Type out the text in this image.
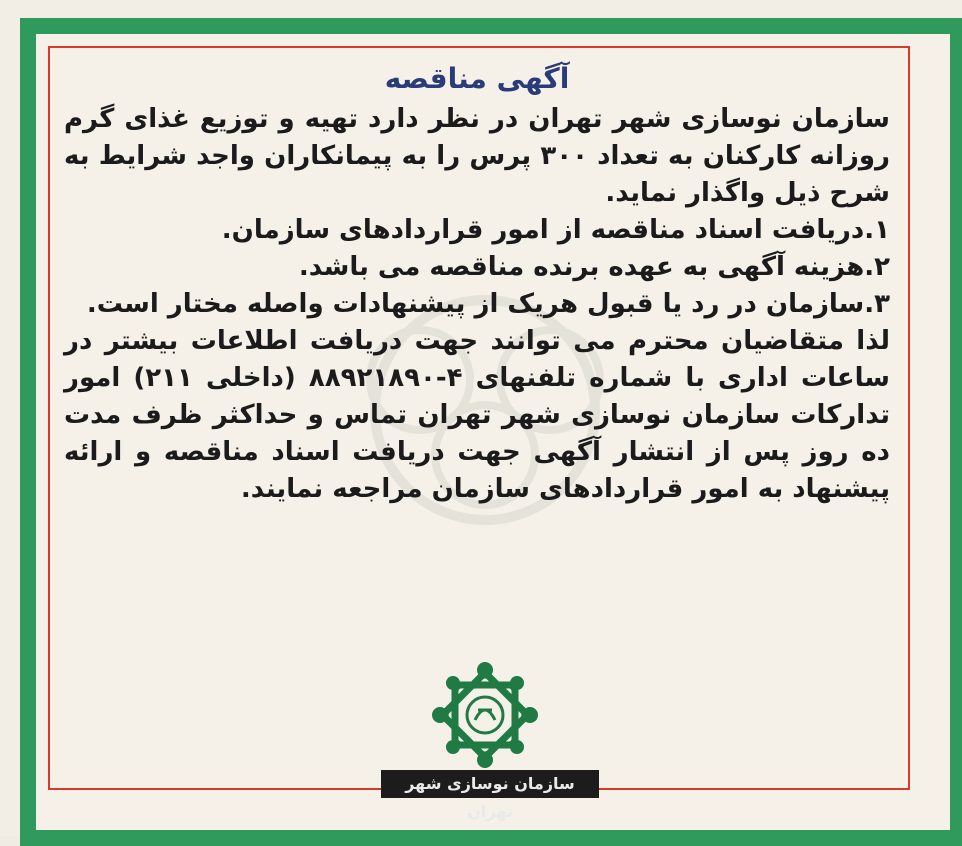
آگهی مناقصه

سازمان نوسازی شهر تهران در نظر دارد تهیه و توزیع غذای گرم روزانه کارکنان به تعداد ۳۰۰ پرس را به پیمانکاران واجد شرایط به شرح ذیل واگذار نماید.

۱.دریافت اسناد مناقصه از امور قراردادهای سازمان.

۲.هزینه آگهی به عهده برنده مناقصه می باشد.

۳.سازمان در رد یا قبول هریک از پیشنهادات واصله مختار است.

لذا متقاضیان محترم می توانند جهت دریافت اطلاعات بیشتر در ساعات اداری با شماره تلفنهای ۴-۸۸۹۲۱۸۹۰ (داخلی ۲۱۱) امور تدارکات سازمان نوسازی شهر تهران تماس و حداکثر ظرف مدت ده روز پس از انتشار آگهی جهت دریافت اسناد مناقصه و ارائه پیشنهاد به امور قراردادهای سازمان مراجعه نمایند.

سازمان نوسازی شهر تهران
